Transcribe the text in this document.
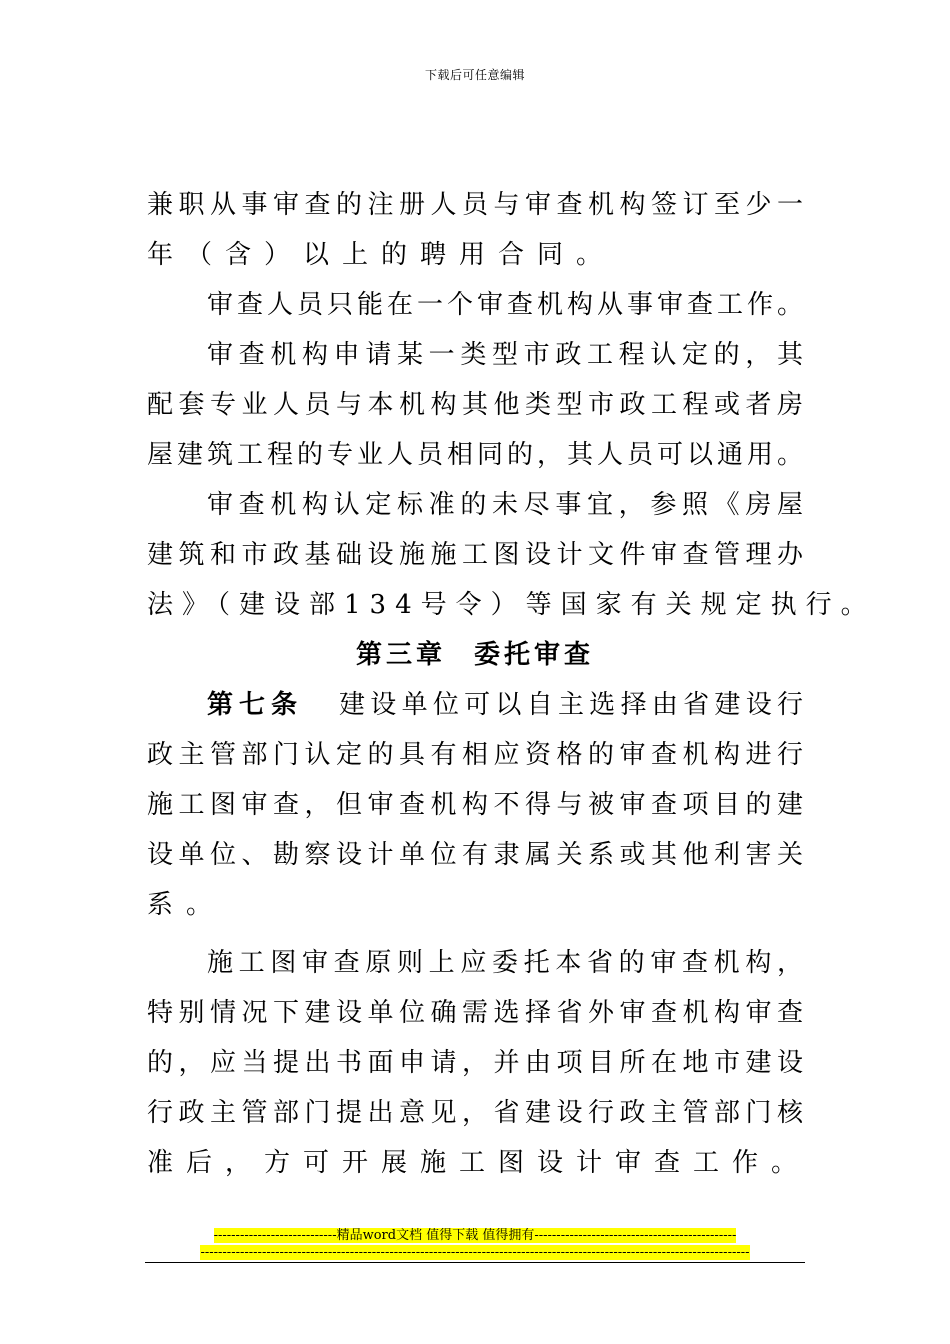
下载后可任意编辑
兼职从事审查的注册人员与审查机构签订至少一
年（含）以上的聘用合同。
审查人员只能在一个审查机构从事审查工作。
审查机构申请某一类型市政工程认定的，其
配套专业人员与本机构其他类型市政工程或者房
屋建筑工程的专业人员相同的，其人员可以通用。
审查机构认定标准的未尽事宜，参照《房屋
建筑和市政基础设施施工图设计文件审查管理办
法》（建设部134号令）等国家有关规定执行。
第三章 委托审查
第七条 建设单位可以自主选择由省建设行
政主管部门认定的具有相应资格的审查机构进行
施工图审查，但审查机构不得与被审查项目的建
设单位、勘察设计单位有隶属关系或其他利害关
系。
施工图审查原则上应委托本省的审查机构，
特别情况下建设单位确需选择省外审查机构审查
的，应当提出书面申请，并由项目所在地市建设
行政主管部门提出意见，省建设行政主管部门核
准后，方可开展施工图设计审查工作。
----------------------------精品word文档 值得下载 值得拥有----------------------------------------------
-----------------------------------------------------------------------------------------------------------------------------
